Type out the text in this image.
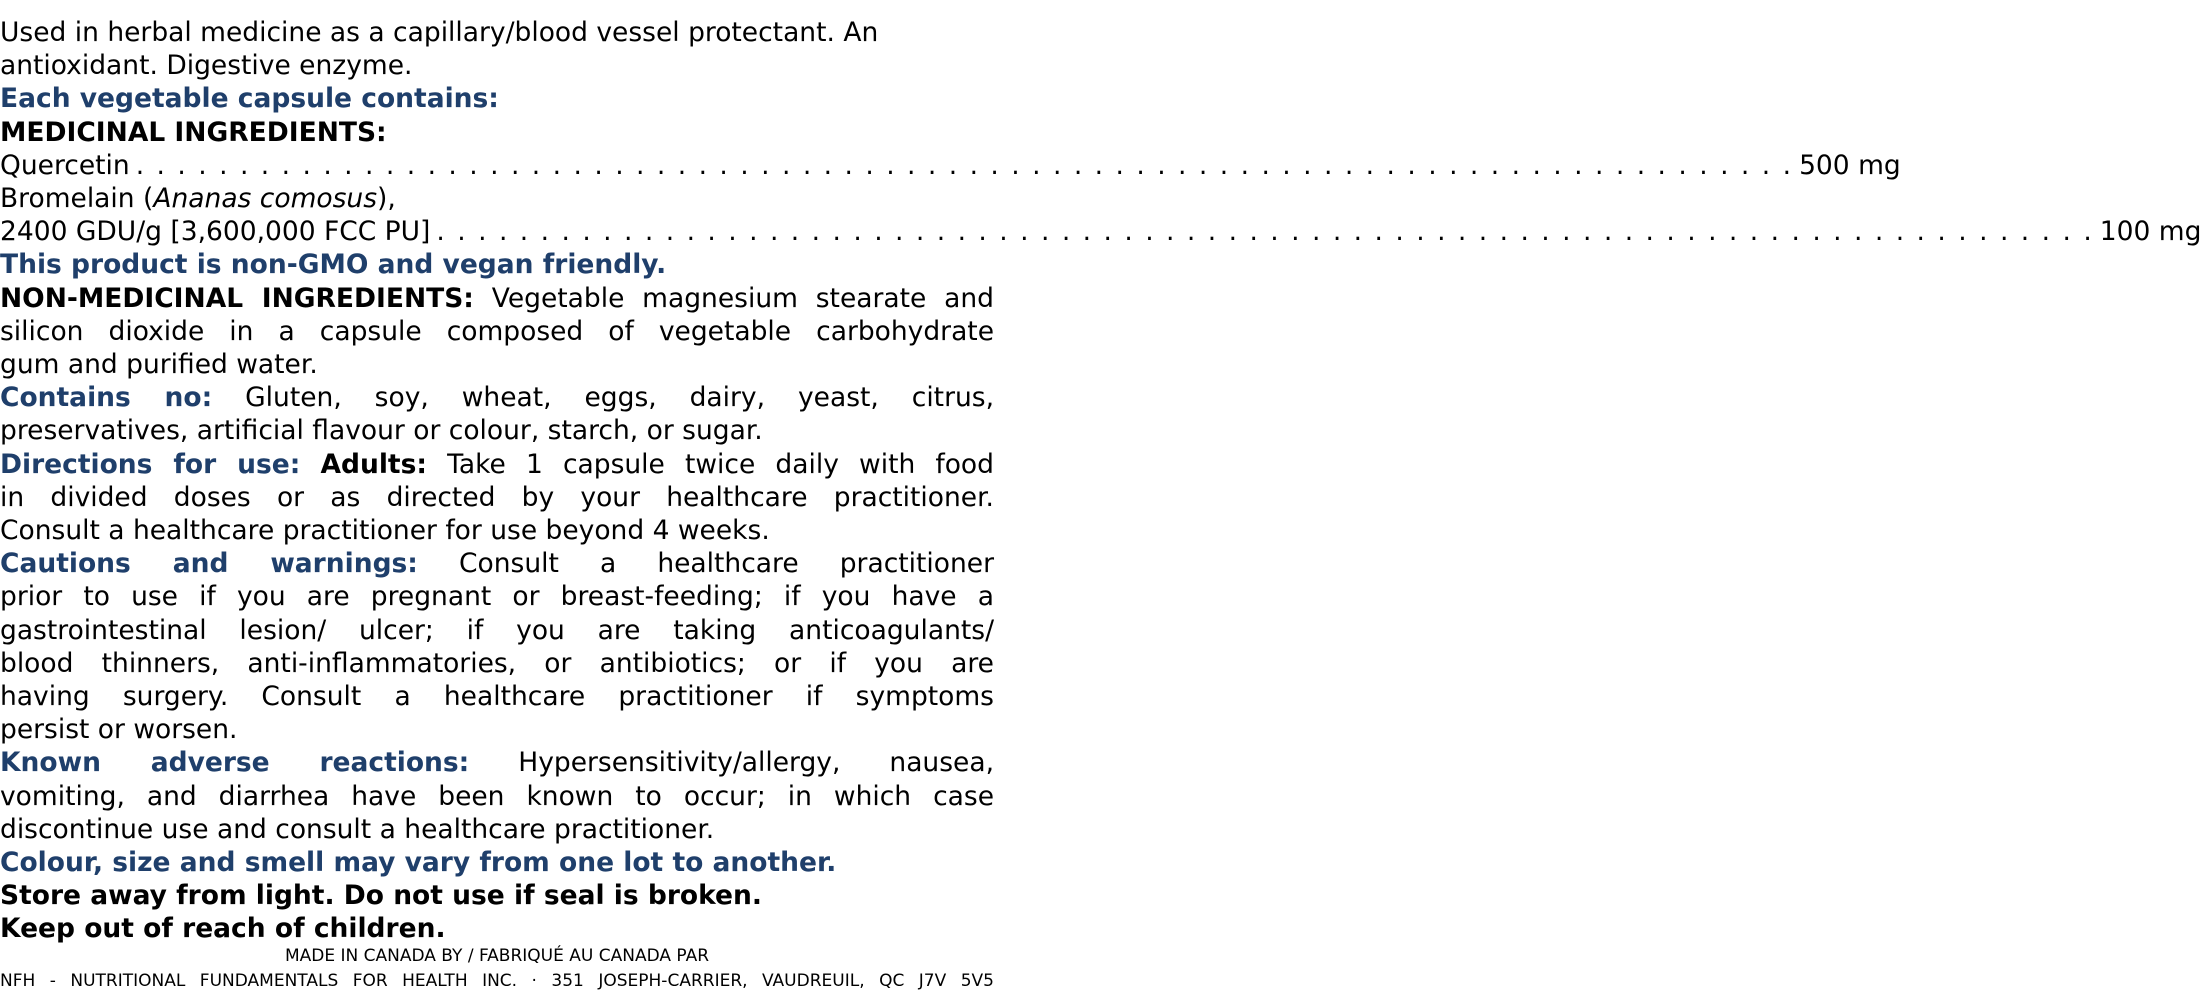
Used in herbal medicine as a capillary/blood vessel protectant. An
antioxidant. Digestive enzyme.
Each vegetable capsule contains:
MEDICINAL INGREDIENTS:
Quercetin . . . . . . . . . . . . . . . . . . . . . . . . . . . . . . . . . . . . . . . . . . . . . . . . . . . . . . . . . . . . . . . . . . . . . . . . . . . . . . . . 500 mg
Bromelain (Ananas comosus),
2400 GDU/g [3,600,000 FCC PU] . . . . . . . . . . . . . . . . . . . . . . . . . . . . . . . . . . . . . . . . . . . . . . . . . . . . . . . . . . . . . . . . . . . . . . . . . . . . . . . . 100 mg
This product is non-GMO and vegan friendly.
NON-MEDICINAL INGREDIENTS: Vegetable magnesium stearate and
silicon dioxide in a capsule composed of vegetable carbohydrate
gum and purified water.
Contains no: Gluten, soy, wheat, eggs, dairy, yeast, citrus,
preservatives, artificial flavour or colour, starch, or sugar.
Directions for use: Adults: Take 1 capsule twice daily with food
in divided doses or as directed by your healthcare practitioner.
Consult a healthcare practitioner for use beyond 4 weeks.
Cautions and warnings: Consult a healthcare practitioner
prior to use if you are pregnant or breast-feeding; if you have a
gastrointestinal lesion/ ulcer; if you are taking anticoagulants/
blood thinners, anti-inflammatories, or antibiotics; or if you are
having surgery. Consult a healthcare practitioner if symptoms
persist or worsen.
Known adverse reactions: Hypersensitivity/allergy, nausea,
vomiting, and diarrhea have been known to occur; in which case
discontinue use and consult a healthcare practitioner.
Colour, size and smell may vary from one lot to another.
Store away from light. Do not use if seal is broken.
Keep out of reach of children.
MADE IN CANADA BY / FABRIQUÉ AU CANADA PAR
NFH - NUTRITIONAL FUNDAMENTALS FOR HEALTH INC. · 351 JOSEPH-CARRIER, VAUDREUIL, QC J7V 5V5
